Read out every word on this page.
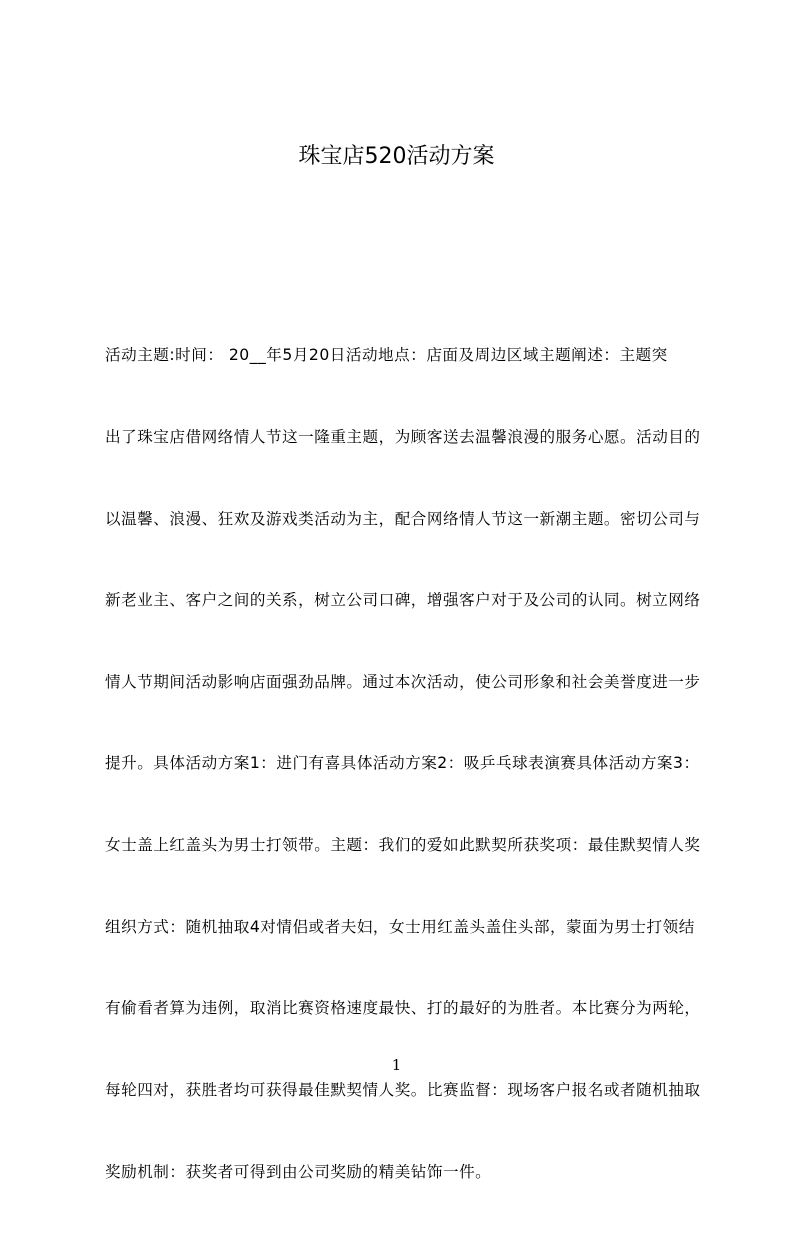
珠宝店520活动方案

活动主题:时间： 20__年5月20日活动地点：店面及周边区域主题阐述：主题突

出了珠宝店借网络情人节这一隆重主题，为顾客送去温馨浪漫的服务心愿。活动目的

以温馨、浪漫、狂欢及游戏类活动为主，配合网络情人节这一新潮主题。密切公司与

新老业主、客户之间的关系，树立公司口碑，增强客户对于及公司的认同。树立网络

情人节期间活动影响店面强劲品牌。通过本次活动，使公司形象和社会美誉度进一步

提升。具体活动方案1：进门有喜具体活动方案2：吸乒乓球表演赛具体活动方案3：

女士盖上红盖头为男士打领带。主题：我们的爱如此默契所获奖项：最佳默契情人奖

组织方式：随机抽取4对情侣或者夫妇，女士用红盖头盖住头部，蒙面为男士打领结

有偷看者算为违例，取消比赛资格速度最快、打的最好的为胜者。本比赛分为两轮，

每轮四对，获胜者均可获得最佳默契情人奖。比赛监督：现场客户报名或者随机抽取

奖励机制：获奖者可得到由公司奖励的精美钻饰一件。

1
